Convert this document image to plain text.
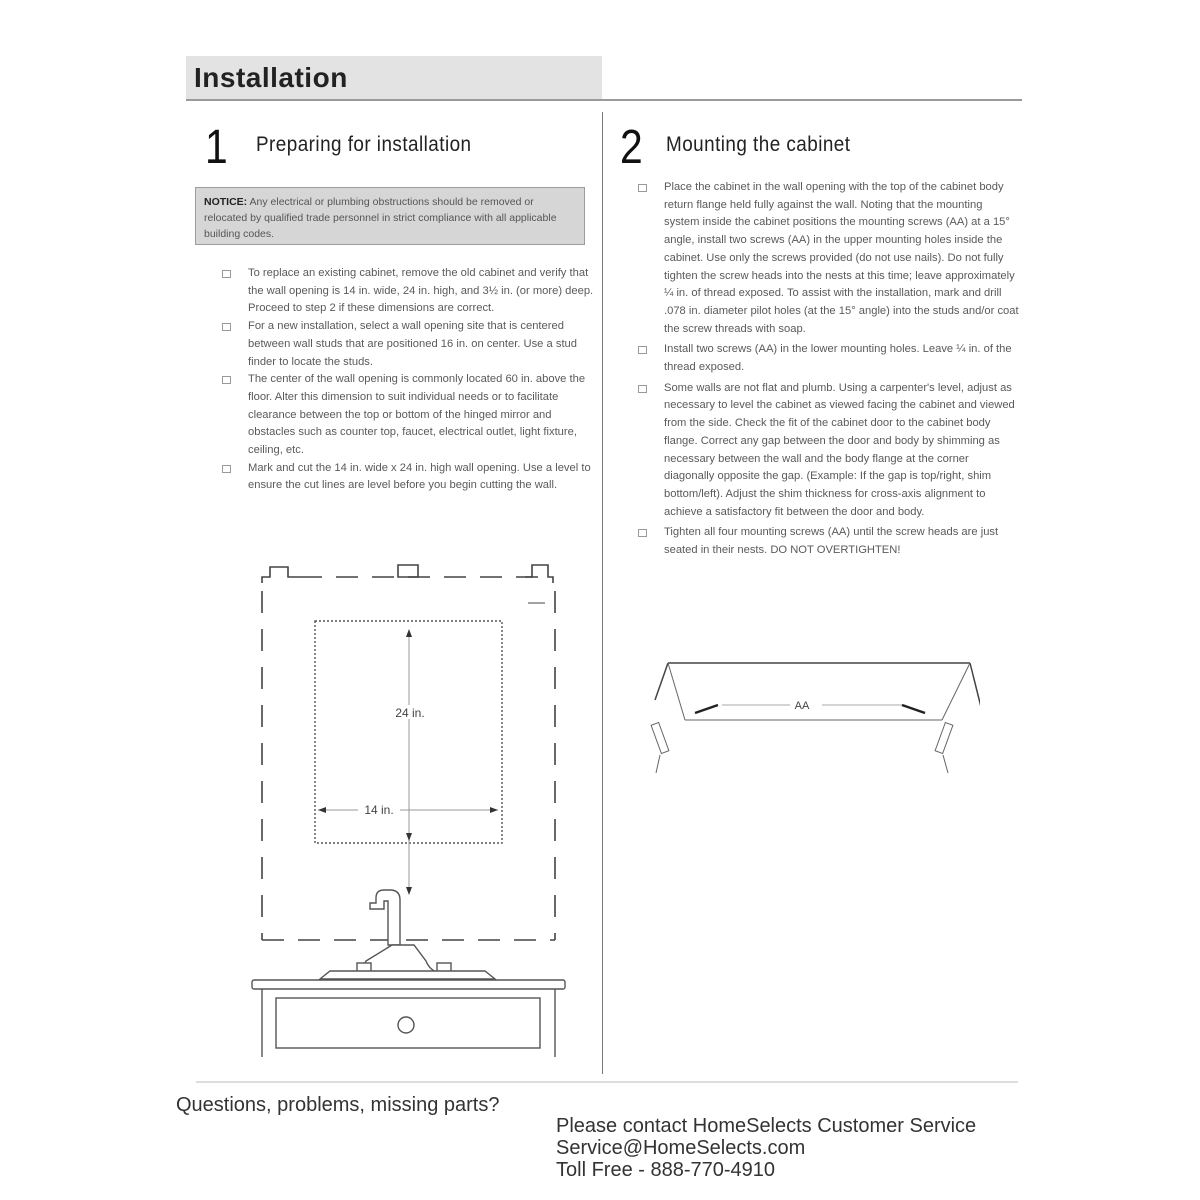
Installation
1 Preparing for installation
NOTICE: Any electrical or plumbing obstructions should be removed or relocated by qualified trade personnel in strict compliance with all applicable building codes.
To replace an existing cabinet, remove the old cabinet and verify that the wall opening is 14 in. wide, 24 in. high, and 3½ in. (or more) deep. Proceed to step 2 if these dimensions are correct.
For a new installation, select a wall opening site that is centered between wall studs that are positioned 16 in. on center. Use a stud finder to locate the studs.
The center of the wall opening is commonly located 60 in. above the floor. Alter this dimension to suit individual needs or to facilitate clearance between the top or bottom of the hinged mirror and obstacles such as counter top, faucet, electrical outlet, light fixture, ceiling, etc.
Mark and cut the 14 in. wide x 24 in. high wall opening. Use a level to ensure the cut lines are level before you begin cutting the wall.
24 in.
14 in.
2 Mounting the cabinet
Place the cabinet in the wall opening with the top of the cabinet body return flange held fully against the wall. Noting that the mounting system inside the cabinet positions the mounting screws (AA) at a 15° angle, install two screws (AA) in the upper mounting holes inside the cabinet. Use only the screws provided (do not use nails). Do not fully tighten the screw heads into the nests at this time; leave approximately ¼ in. of thread exposed. To assist with the installation, mark and drill .078 in. diameter pilot holes (at the 15° angle) into the studs and/or coat the screw threads with soap.
Install two screws (AA) in the lower mounting holes. Leave ¼ in. of the thread exposed.
Some walls are not flat and plumb. Using a carpenter's level, adjust as necessary to level the cabinet as viewed facing the cabinet and viewed from the side. Check the fit of the cabinet door to the cabinet body flange. Correct any gap between the door and body by shimming as necessary between the wall and the body flange at the corner diagonally opposite the gap. (Example: If the gap is top/right, shim bottom/left). Adjust the shim thickness for cross-axis alignment to achieve a satisfactory fit between the door and body.
Tighten all four mounting screws (AA) until the screw heads are just seated in their nests. DO NOT OVERTIGHTEN!
AA
Questions, problems, missing parts?
Please contact HomeSelects Customer Service
Service@HomeSelects.com
Toll Free - 888-770-4910
